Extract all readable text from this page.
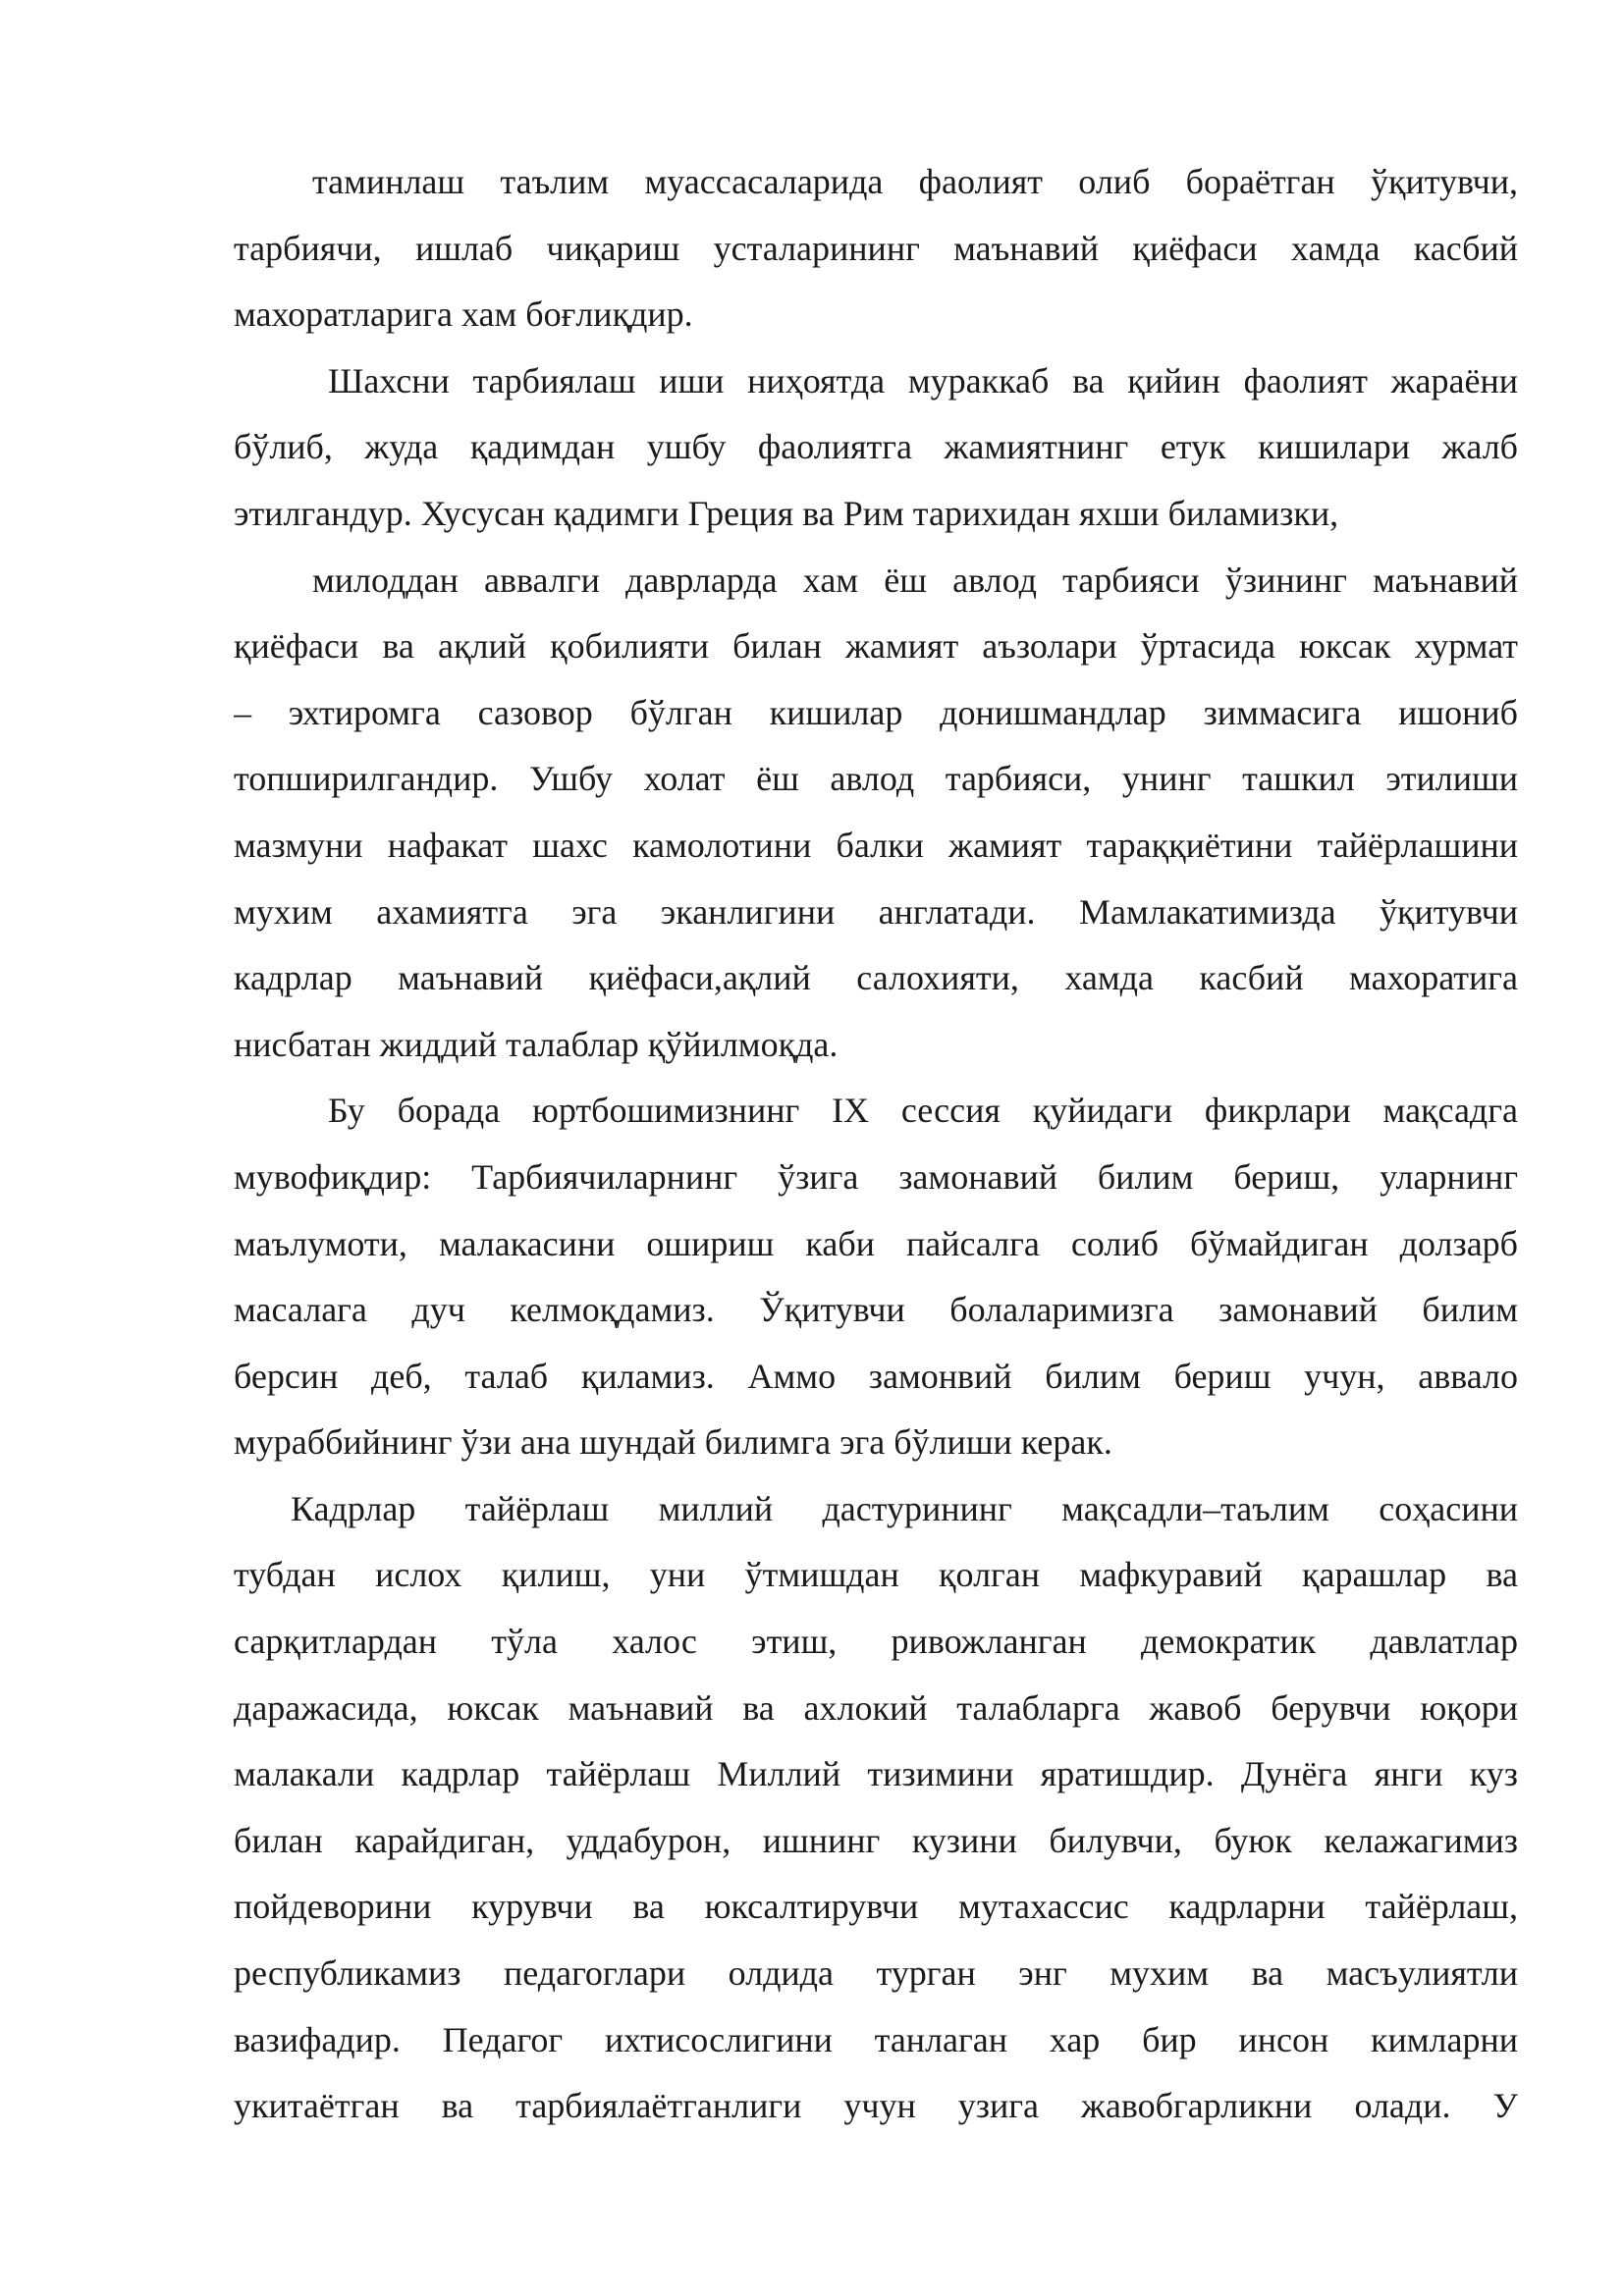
таминлаш таълим муассасаларида фаолият олиб бораётган ўқитувчи,
тарбиячи, ишлаб чиқариш усталарининг маънавий қиёфаси хамда касбий
махоратларига хам боғлиқдир.
Шахсни тарбиялаш иши ниҳоятда мураккаб ва қийин фаолият жараёни
бўлиб, жуда қадимдан ушбу фаолиятга жамиятнинг етук кишилари жалб
этилгандур. Хусусан қадимги Греция ва Рим тарихидан яхши биламизки,
милоддан аввалги даврларда хам ёш авлод тарбияси ўзининг маънавий
қиёфаси ва ақлий қобилияти билан жамият аъзолари ўртасида юксак хурмат
– эхтиромга сазовор бўлган кишилар донишмандлар зиммасига ишониб
топширилгандир. Ушбу холат ёш авлод тарбияси, унинг ташкил этилиши
мазмуни нафакат шахс камолотини балки жамият тараққиётини тайёрлашини
мухим ахамиятга эга эканлигини англатади. Мамлакатимизда ўқитувчи
кадрлар маънавий қиёфаси,ақлий салохияти, хамда касбий махоратига
нисбатан жиддий талаблар қўйилмоқда.
Бу борада юртбошимизнинг IX сессия қуйидаги фикрлари мақсадга
мувофиқдир: Тарбиячиларнинг ўзига замонавий билим бериш, уларнинг
маълумоти, малакасини ошириш каби пайсалга солиб бўмайдиган долзарб
масалага дуч келмоқдамиз. Ўқитувчи болаларимизга замонавий билим
берсин деб, талаб қиламиз. Аммо замонвий билим бериш учун, аввало
мураббийнинг ўзи ана шундай билимга эга бўлиши керак.
Кадрлар тайёрлаш миллий дастурининг мақсадли–таълим соҳасини
тубдан ислох қилиш, уни ўтмишдан қолган мафкуравий қарашлар ва
сарқитлардан тўла халос этиш, ривожланган демократик давлатлар
даражасида, юксак маънавий ва ахлокий талабларга жавоб берувчи юқори
малакали кадрлар тайёрлаш Миллий тизимини яратишдир. Дунёга янги куз
билан карайдиган, уддабурон, ишнинг кузини билувчи, буюк келажагимиз
пойдеворини курувчи ва юксалтирувчи мутахассис кадрларни тайёрлаш,
республикамиз педагоглари олдида турган энг мухим ва масъулиятли
вазифадир. Педагог ихтисослигини танлаган хар бир инсон кимларни
укитаётган ва тарбиялаётганлиги учун узига жавобгарликни олади. У
